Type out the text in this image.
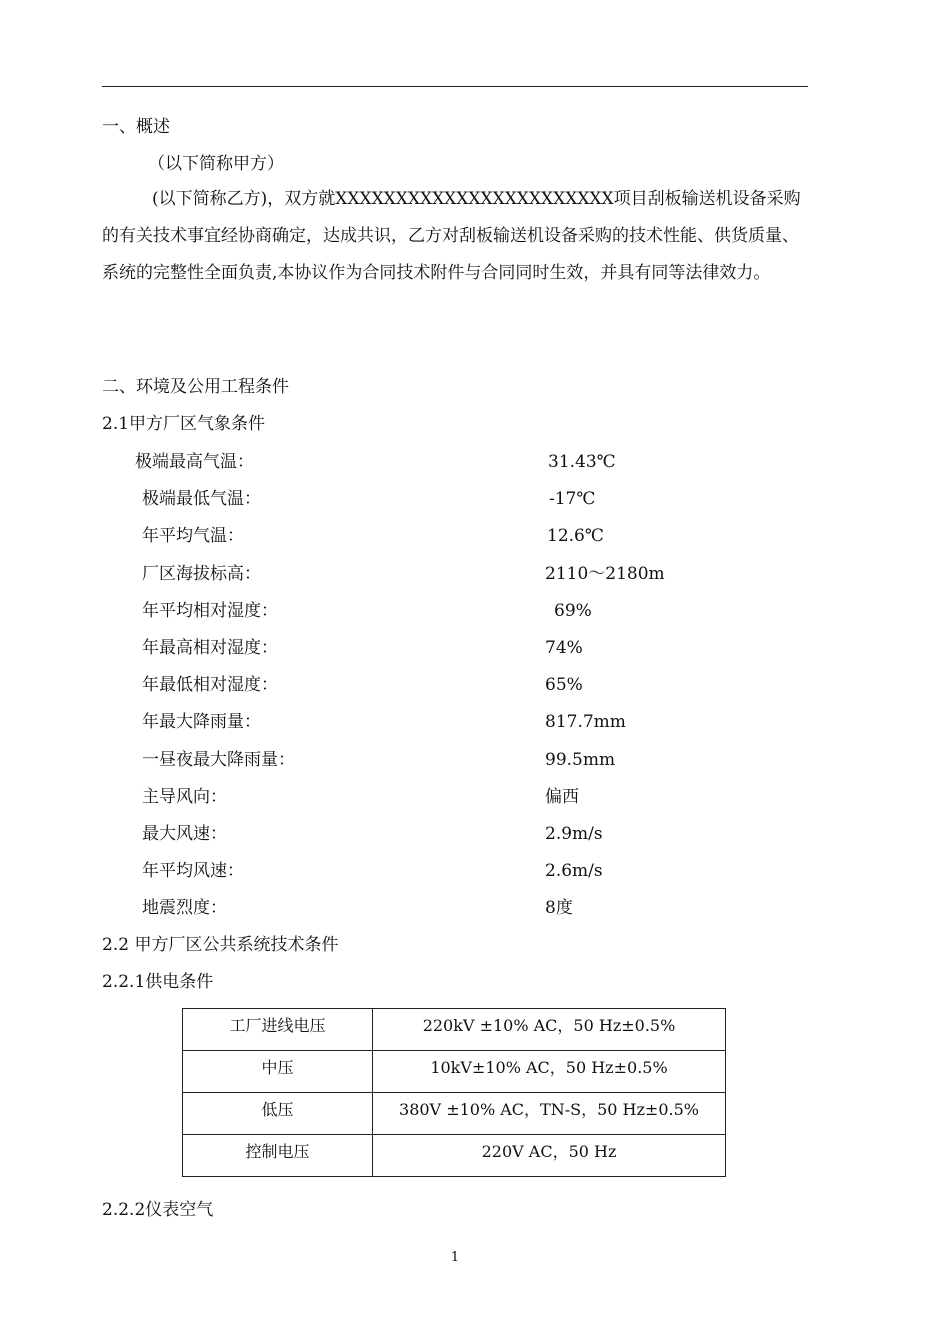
一、概述
（以下简称甲方）
(以下简称乙方)，双方就XXXXXXXXXXXXXXXXXXXXXXX项目刮板输送机设备采购的有关技术事宜经协商确定，达成共识，乙方对刮板输送机设备采购的技术性能、供货质量、系统的完整性全面负责,本协议作为合同技术附件与合同同时生效，并具有同等法律效力。
二、环境及公用工程条件
2.1甲方厂区气象条件
极端最高气温：	31.43℃
极端最低气温：	-17℃
年平均气温：	12.6℃
厂区海拔标高：	2110～2180m
年平均相对湿度：	69%
年最高相对湿度：	74%
年最低相对湿度：	65%
年最大降雨量：	817.7mm
一昼夜最大降雨量：	99.5mm
主导风向：	偏西
最大风速：	2.9m/s
年平均风速：	2.6m/s
地震烈度：	8度
2.2 甲方厂区公共系统技术条件
2.2.1供电条件
工厂进线电压	220kV ±10% AC，50 Hz±0.5%
中压	10kV±10% AC，50 Hz±0.5%
低压	380V ±10% AC，TN-S，50 Hz±0.5%
控制电压	220V AC，50 Hz
2.2.2仪表空气
1
